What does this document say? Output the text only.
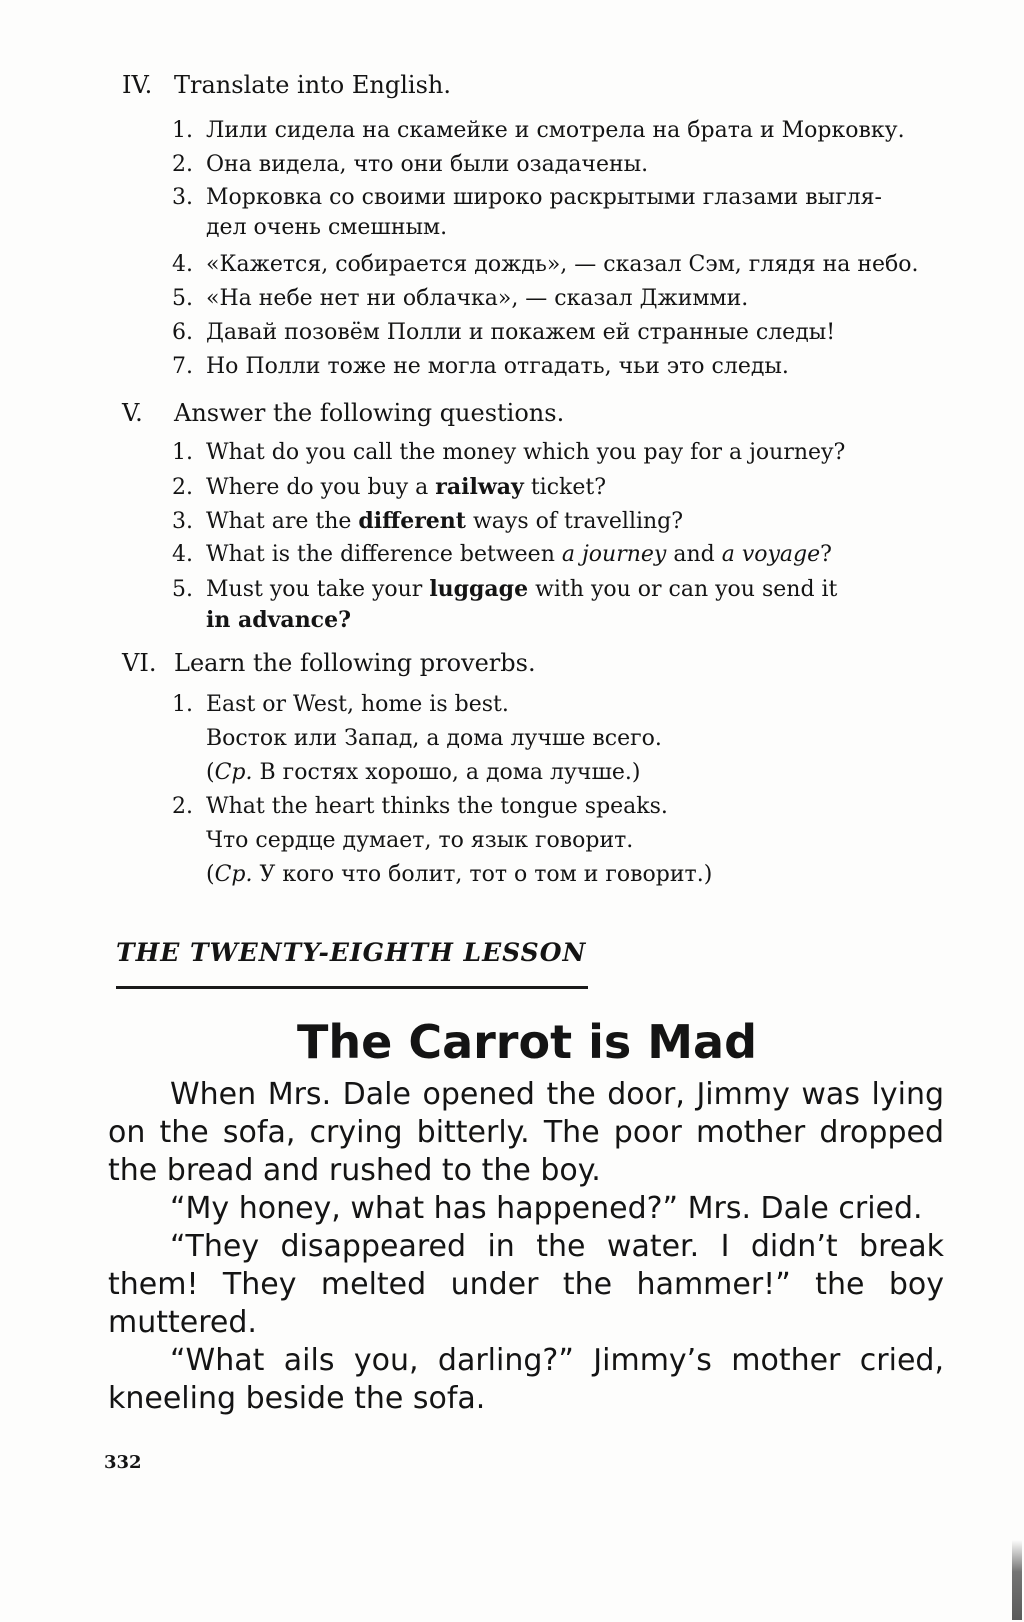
IV. Translate into English.
1. Лили сидела на скамейке и смотрела на брата и Морковку.
2. Она видела, что они были озадачены.
3. Морковка со своими широко раскрытыми глазами выгля-
дел очень смешным.
4. «Кажется, собирается дождь», — сказал Сэм, глядя на небо.
5. «На небе нет ни облачка», — сказал Джимми.
6. Давай позовём Полли и покажем ей странные следы!
7. Но Полли тоже не могла отгадать, чьи это следы.
V. Answer the following questions.
1. What do you call the money which you pay for a journey?
2. Where do you buy a railway ticket?
3. What are the different ways of travelling?
4. What is the difference between a journey and a voyage?
5. Must you take your luggage with you or can you send it
in advance?
VI. Learn the following proverbs.
1. East or West, home is best.
Восток или Запад, а дома лучше всего.
(Ср. В гостях хорошо, а дома лучше.)
2. What the heart thinks the tongue speaks.
Что сердце думает, то язык говорит.
(Ср. У кого что болит, тот о том и говорит.)
THE TWENTY-EIGHTH LESSON
The Carrot is Mad

When Mrs. Dale opened the door, Jimmy was lying on the sofa, crying bitterly. The poor mother dropped the bread and rushed to the boy.

“My honey, what has happened?” Mrs. Dale cried.

“They disappeared in the water. I didn’t break them! They melted under the hammer!” the boy muttered.

“What ails you, darling?” Jimmy’s mother cried, kneeling beside the sofa.

332
